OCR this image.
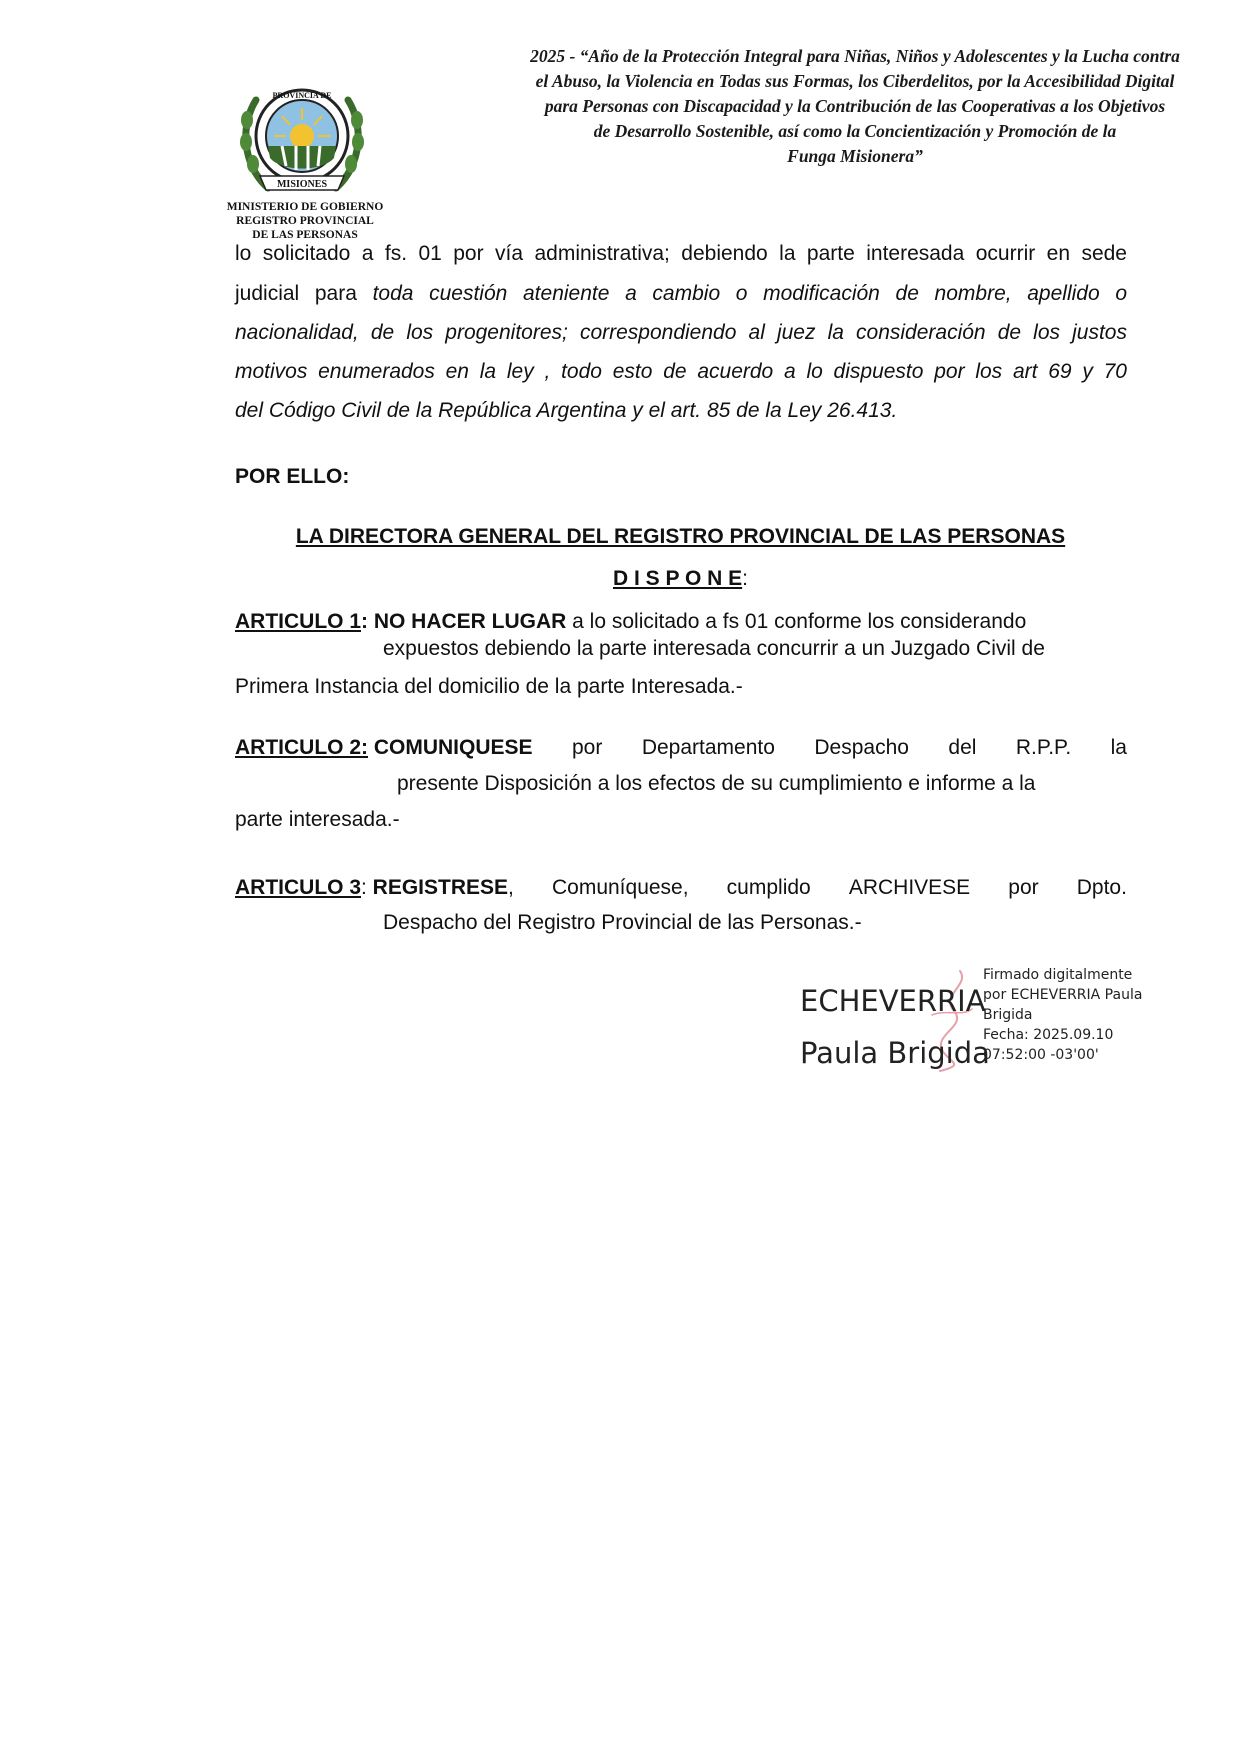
MISIONES
PROVINCIA DE
MINISTERIO DE GOBIERNO
REGISTRO PROVINCIAL
DE LAS PERSONAS
2025 - “Año de la Protección Integral para Niñas, Niños y Adolescentes y la Lucha contra
el Abuso, la Violencia en Todas sus Formas, los Ciberdelitos, por la Accesibilidad Digital
para Personas con Discapacidad y la Contribución de las Cooperativas a los Objetivos
de Desarrollo Sostenible, así como la Concientización y Promoción de la
Funga Misionera”
lo solicitado a fs. 01 por vía administrativa; debiendo la parte interesada ocurrir en sede
judicial para toda cuestión ateniente a cambio o modificación de nombre, apellido o
nacionalidad, de los progenitores; correspondiendo al juez la consideración de los justos
motivos enumerados en la ley , todo esto de acuerdo a lo dispuesto por los art 69 y 70
del Código Civil de la República Argentina y el art. 85 de la Ley 26.413.
POR ELLO:
LA DIRECTORA GENERAL DEL REGISTRO PROVINCIAL DE LAS PERSONAS
D I S P O N E:
ARTICULO 1: NO HACER LUGAR a lo solicitado a fs 01 conforme los considerando
expuestos debiendo la parte interesada concurrir a un Juzgado Civil de
Primera Instancia del domicilio de la parte Interesada.-
ARTICULO 2: COMUNIQUESE por Departamento Despacho del R.P.P. la
presente Disposición a los efectos de su cumplimiento e informe a la
parte interesada.-
ARTICULO 3: REGISTRESE, Comuníquese, cumplido ARCHIVESE por Dpto.
Despacho del Registro Provincial de las Personas.-
ECHEVERRIA
Paula Brigida
Firmado digitalmente
por ECHEVERRIA Paula
Brigida
Fecha: 2025.09.10
07:52:00 -03'00'
